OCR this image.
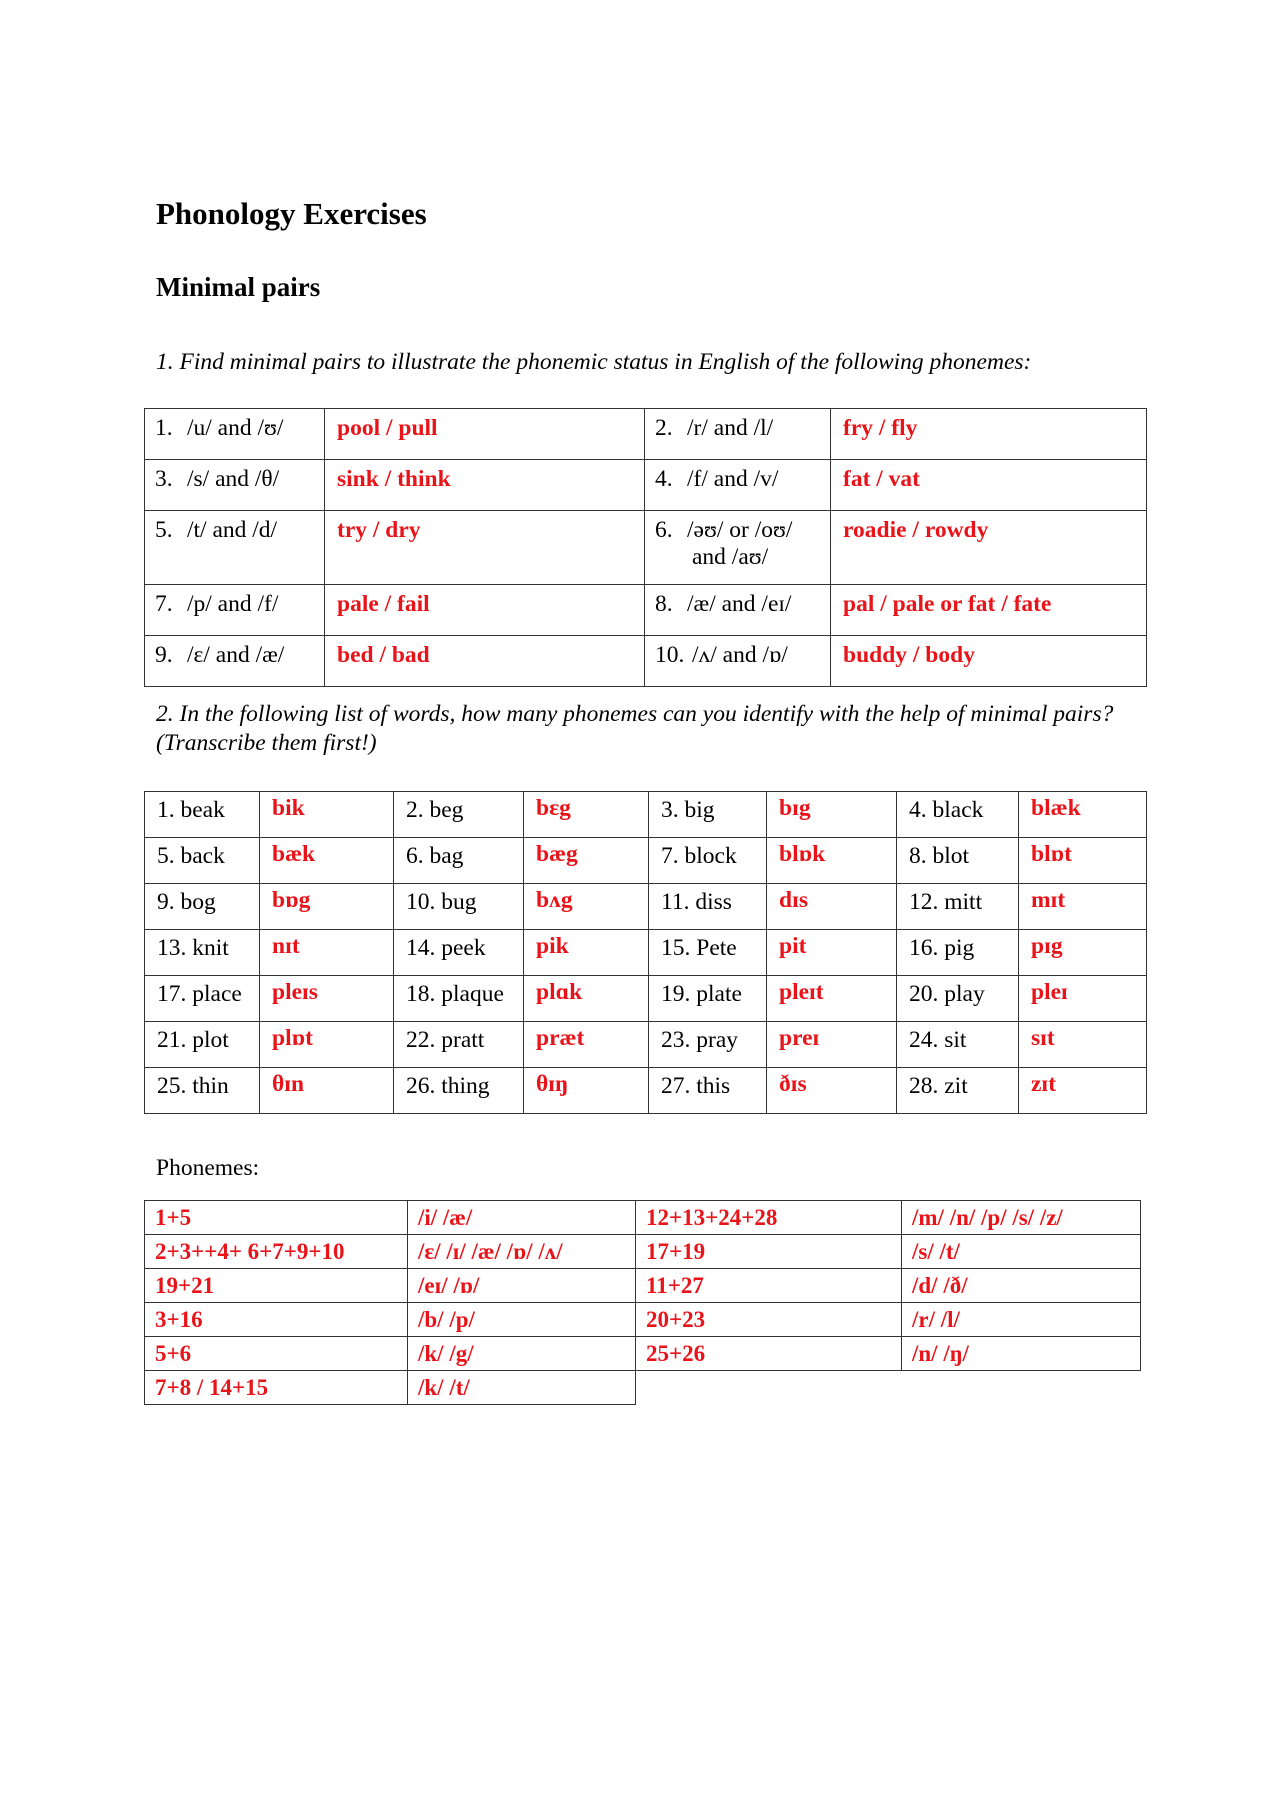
Phonology Exercises
Minimal pairs

1. Find minimal pairs to illustrate the phonemic status in English of the following phonemes:

1. /u/ and /ʊ/	pool / pull	2. /r/ and /l/	fry / fly
3. /s/ and /θ/	sink / think	4. /f/ and /v/	fat / vat
5. /t/ and /d/	try / dry	6. /əʊ/ or /oʊ/
and /aʊ/	roadie / rowdy
7. /p/ and /f/	pale / fail	8. /æ/ and /eɪ/	pal / pale or fat / fate
9. /ɛ/ and /æ/	bed / bad	10. /ʌ/ and /ɒ/	buddy / body

2. In the following list of words, how many phonemes can you identify with the help of minimal pairs? (Transcribe them first!)

1. beak	bik	2. beg	bɛg	3. big	bɪg	4. black	blæk
5. back	bæk	6. bag	bæg	7. block	blɒk	8. blot	blɒt
9. bog	bɒg	10. bug	bʌg	11. diss	dɪs	12. mitt	mɪt
13. knit	nɪt	14. peek	pik	15. Pete	pit	16. pig	pɪg
17. place	pleɪs	18. plaque	plɑk	19. plate	pleɪt	20. play	pleɪ
21. plot	plɒt	22. pratt	præt	23. pray	preɪ	24. sit	sɪt
25. thin	θɪn	26. thing	θɪŋ	27. this	ðɪs	28. zit	zɪt

Phonemes:

1+5	/i/ /æ/	12+13+24+28	/m/ /n/ /p/ /s/ /z/
2+3++4+ 6+7+9+10	/ɛ/ /ɪ/ /æ/ /ɒ/ /ʌ/	17+19	/s/ /t/
19+21	/eɪ/ /ɒ/	11+27	/d/ /ð/
3+16	/b/ /p/	20+23	/r/ /l/
5+6	/k/ /g/	25+26	/n/ /ŋ/
7+8 / 14+15	/k/ /t/		
